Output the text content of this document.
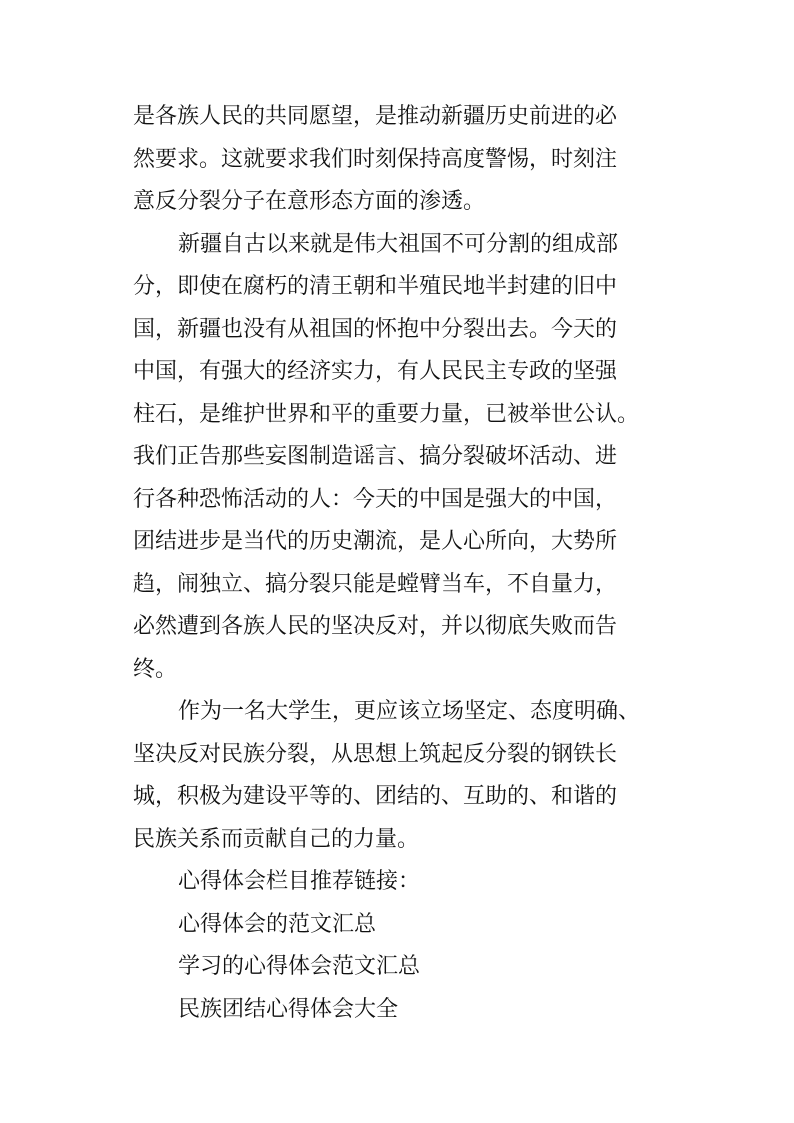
是各族人民的共同愿望，是推动新疆历史前进的必
然要求。这就要求我们时刻保持高度警惕，时刻注
意反分裂分子在意形态方面的渗透。
新疆自古以来就是伟大祖国不可分割的组成部
分，即使在腐朽的清王朝和半殖民地半封建的旧中
国，新疆也没有从祖国的怀抱中分裂出去。今天的
中国，有强大的经济实力，有人民民主专政的坚强
柱石，是维护世界和平的重要力量，已被举世公认。
我们正告那些妄图制造谣言、搞分裂破坏活动、进
行各种恐怖活动的人：今天的中国是强大的中国，
团结进步是当代的历史潮流，是人心所向，大势所
趋，闹独立、搞分裂只能是螳臂当车，不自量力，
必然遭到各族人民的坚决反对，并以彻底失败而告
终。
作为一名大学生，更应该立场坚定、态度明确、
坚决反对民族分裂，从思想上筑起反分裂的钢铁长
城，积极为建设平等的、团结的、互助的、和谐的
民族关系而贡献自己的力量。
心得体会栏目推荐链接：
心得体会的范文汇总
学习的心得体会范文汇总
民族团结心得体会大全
